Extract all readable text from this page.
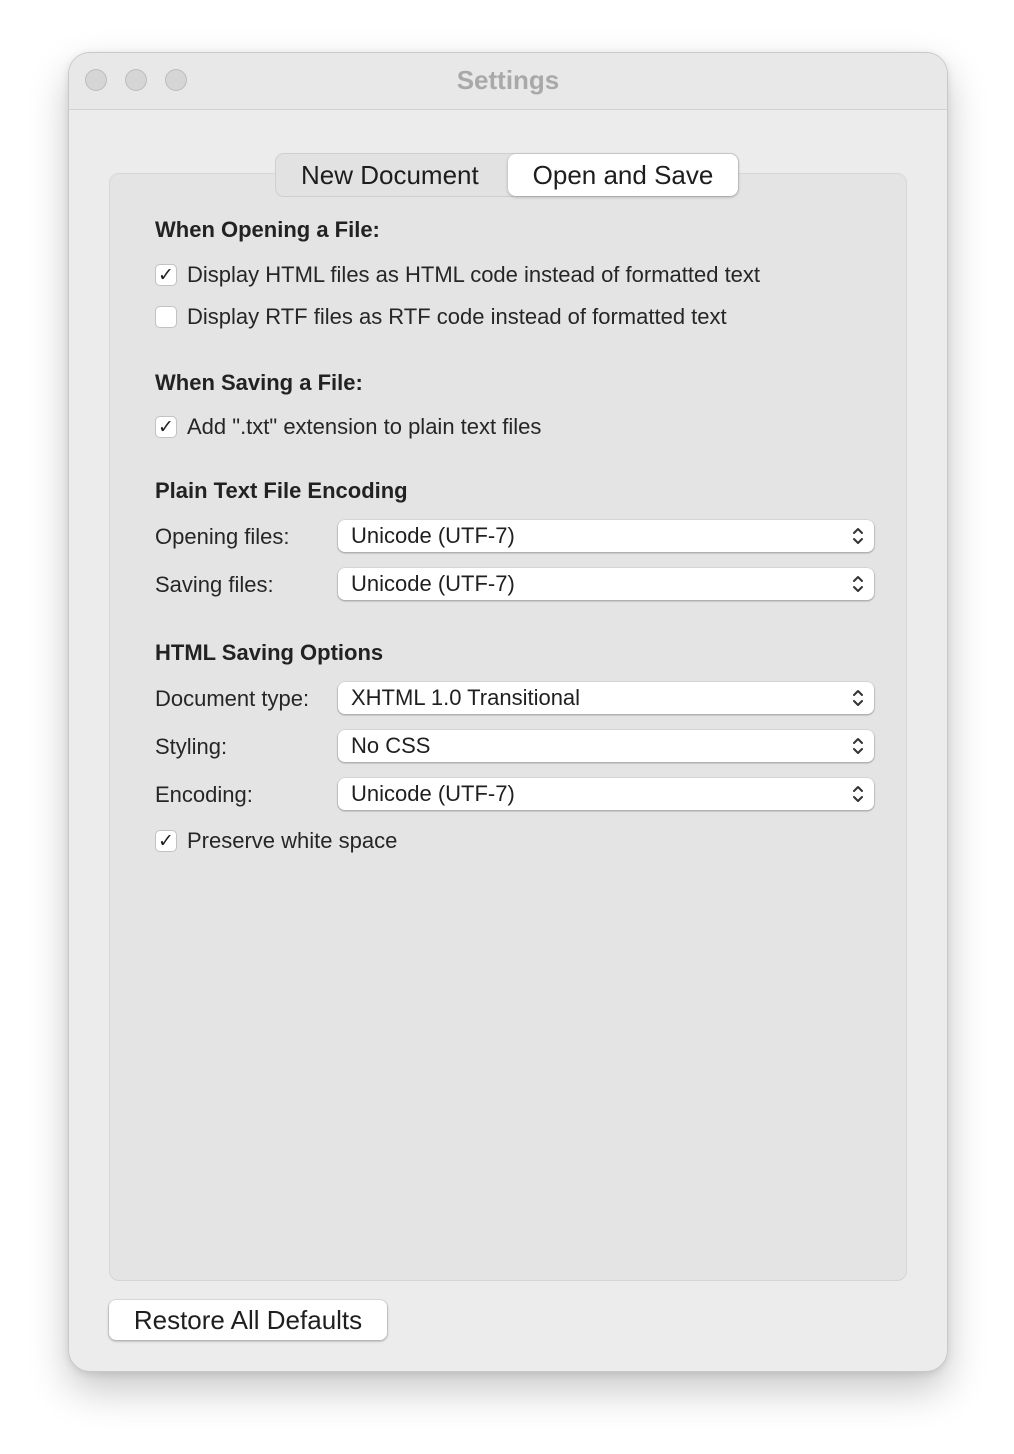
Settings
New Document	Open and Save
When Opening a File:
✓ Display HTML files as HTML code instead of formatted text
Display RTF files as RTF code instead of formatted text
When Saving a File:
✓ Add ".txt" extension to plain text files
Plain Text File Encoding
Opening files:	Unicode (UTF-7)
Saving files:	Unicode (UTF-7)
HTML Saving Options
Document type: XHTML 1.0 Transitional
Styling:	No CSS
Encoding:	Unicode (UTF-7)
✓ Preserve white space
Restore All Defaults
